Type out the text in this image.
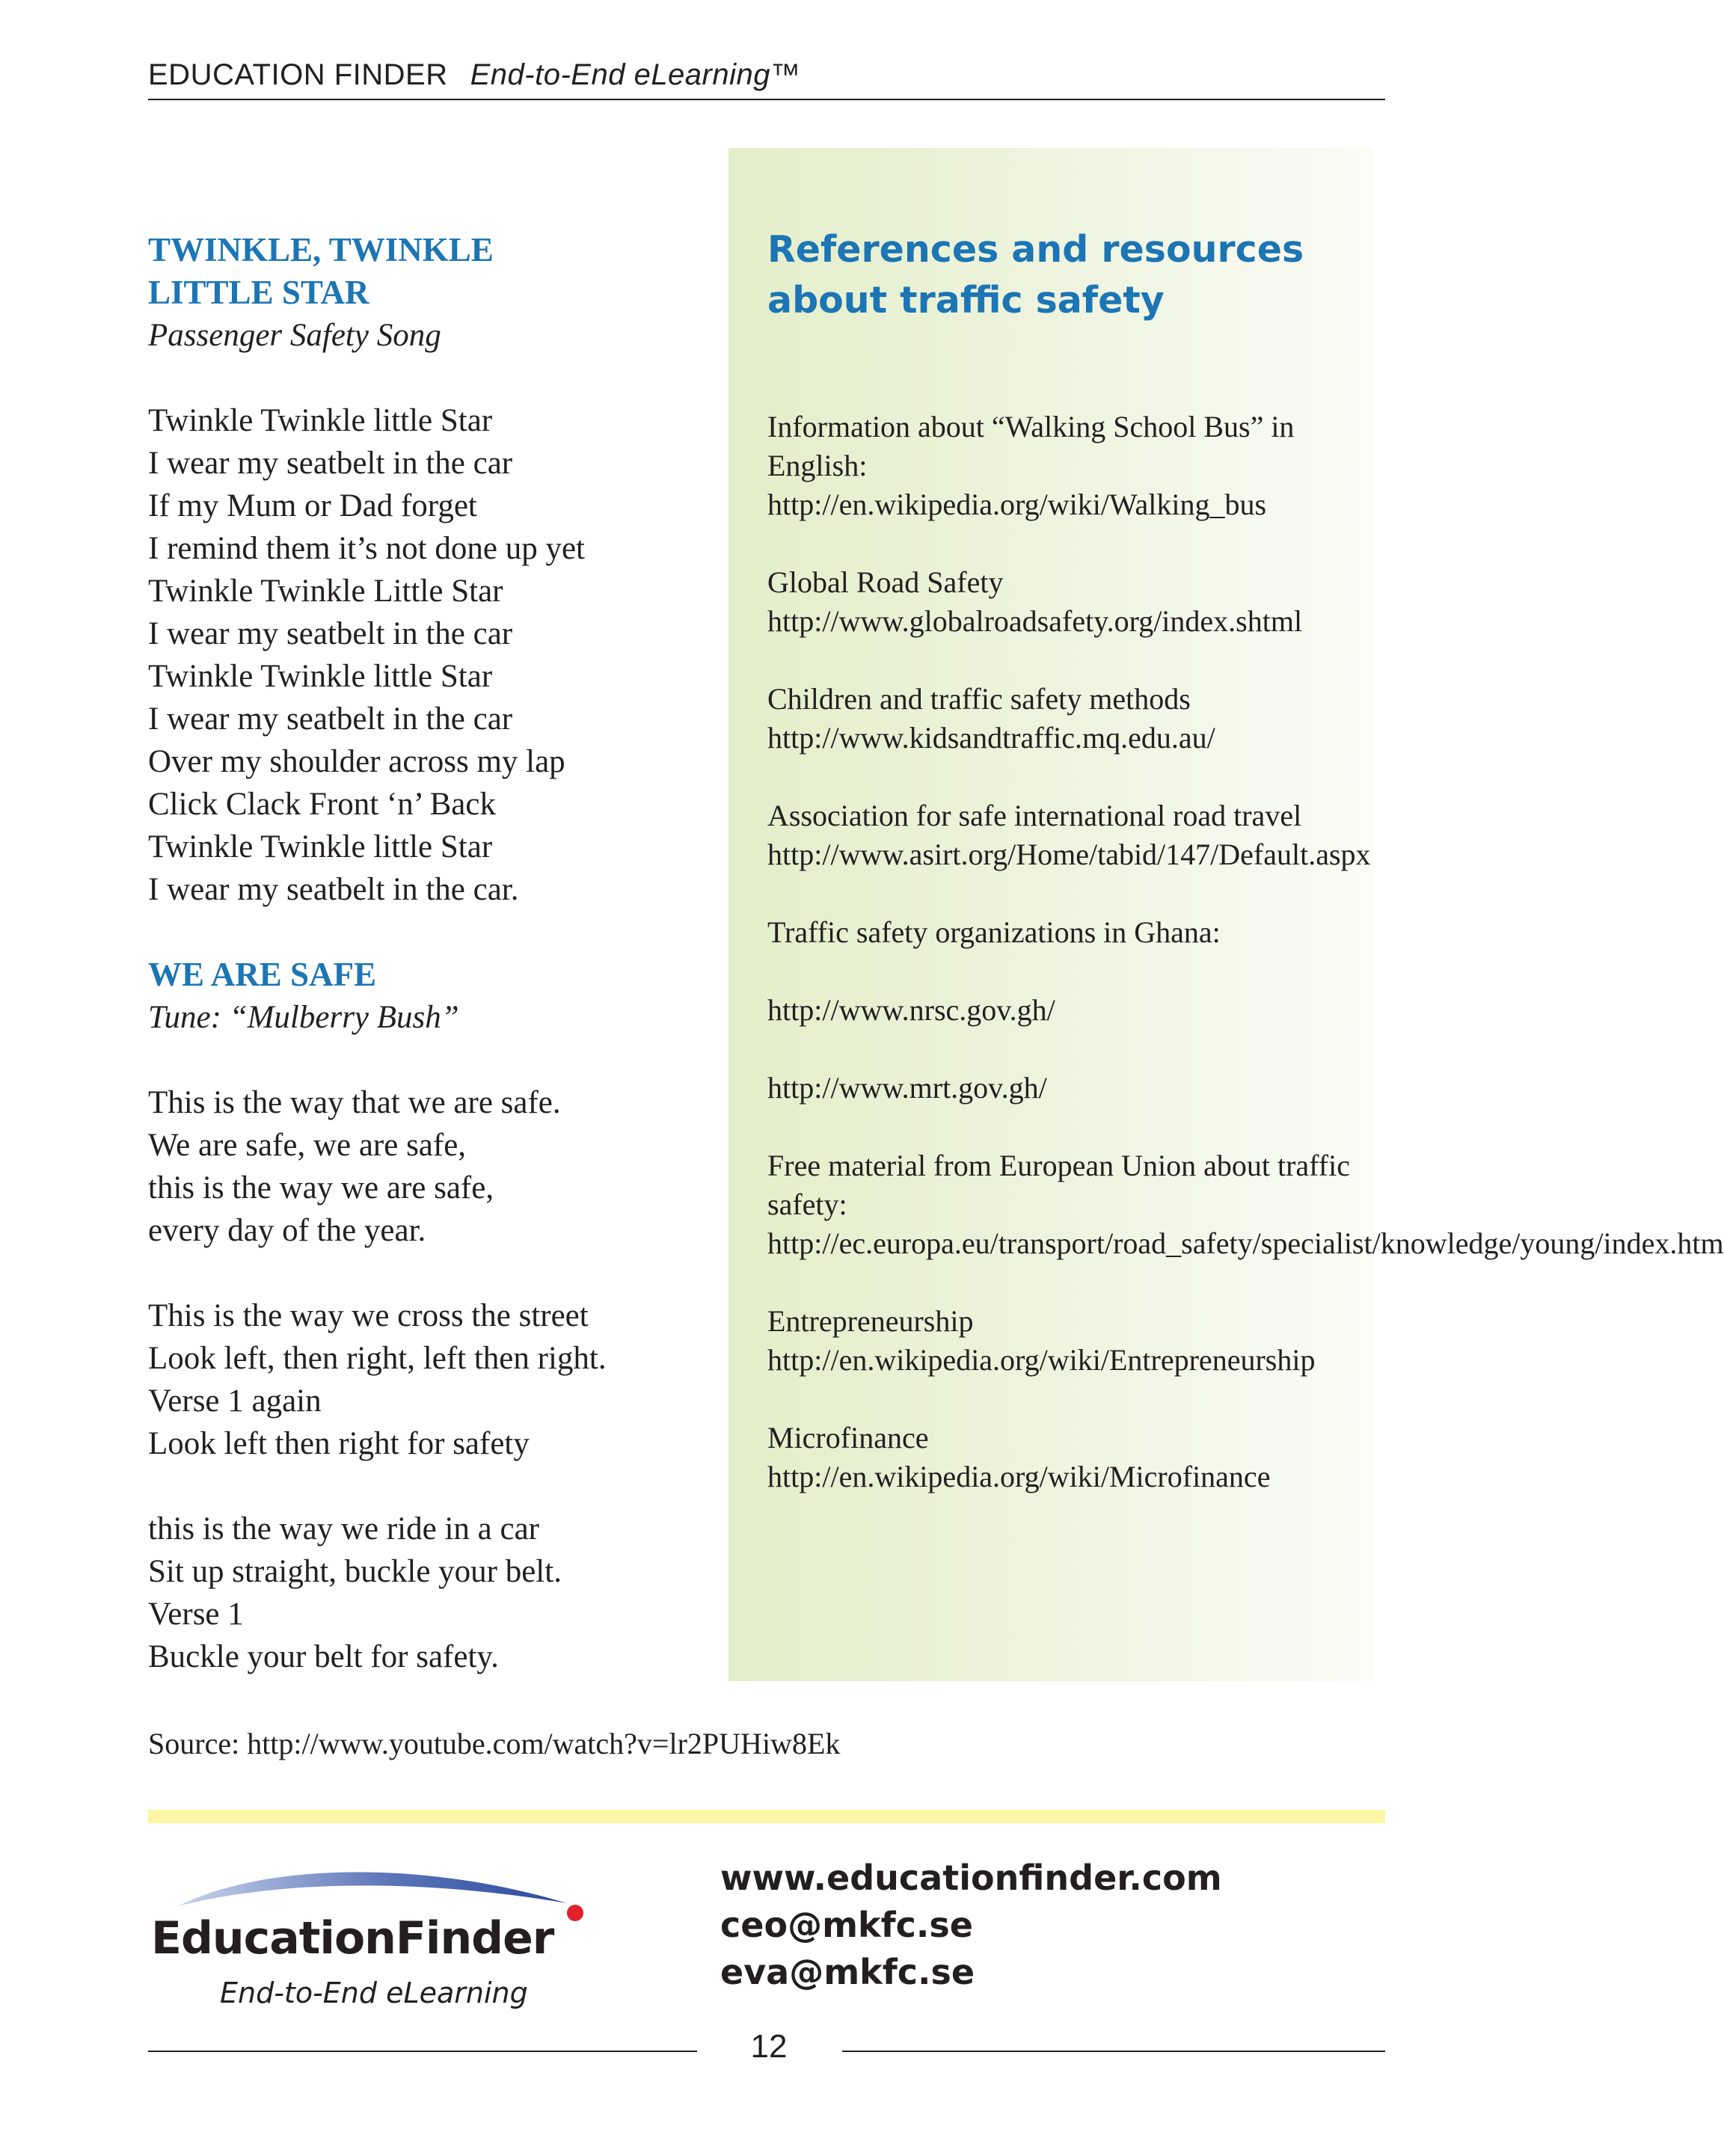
EDUCATION FINDER End-to-End eLearning™
TWINKLE, TWINKLE
LITTLE STAR
Passenger Safety Song
Twinkle Twinkle little Star
I wear my seatbelt in the car
If my Mum or Dad forget
I remind them it’s not done up yet
Twinkle Twinkle Little Star
I wear my seatbelt in the car
Twinkle Twinkle little Star
I wear my seatbelt in the car
Over my shoulder across my lap
Click Clack Front ‘n’ Back
Twinkle Twinkle little Star
I wear my seatbelt in the car.
WE ARE SAFE
Tune: “Mulberry Bush”
This is the way that we are safe.
We are safe, we are safe,
this is the way we are safe,
every day of the year.
This is the way we cross the street
Look left, then right, left then right.
Verse 1 again
Look left then right for safety
this is the way we ride in a car
Sit up straight, buckle your belt.
Verse 1
Buckle your belt for safety.
References and resources
about traffic safety
Information about “Walking School Bus” in English:
http://en.wikipedia.org/wiki/Walking_bus
Global Road Safety
http://www.globalroadsafety.org/index.shtml
Children and traffic safety methods
http://www.kidsandtraffic.mq.edu.au/
Association for safe international road travel
http://www.asirt.org/Home/tabid/147/Default.aspx
Traffic safety organizations in Ghana:
http://www.nrsc.gov.gh/
http://www.mrt.gov.gh/
Free material from European Union about traffic safety:
http://ec.europa.eu/transport/road_safety/specialist/knowledge/young/index.htm
Entrepreneurship
http://en.wikipedia.org/wiki/Entrepreneurship
Microfinance
http://en.wikipedia.org/wiki/Microfinance
Source: http://www.youtube.com/watch?v=lr2PUHiw8Ek
EducationFinder
End-to-End eLearning
www.educationfinder.com
ceo@mkfc.se
eva@mkfc.se
12
